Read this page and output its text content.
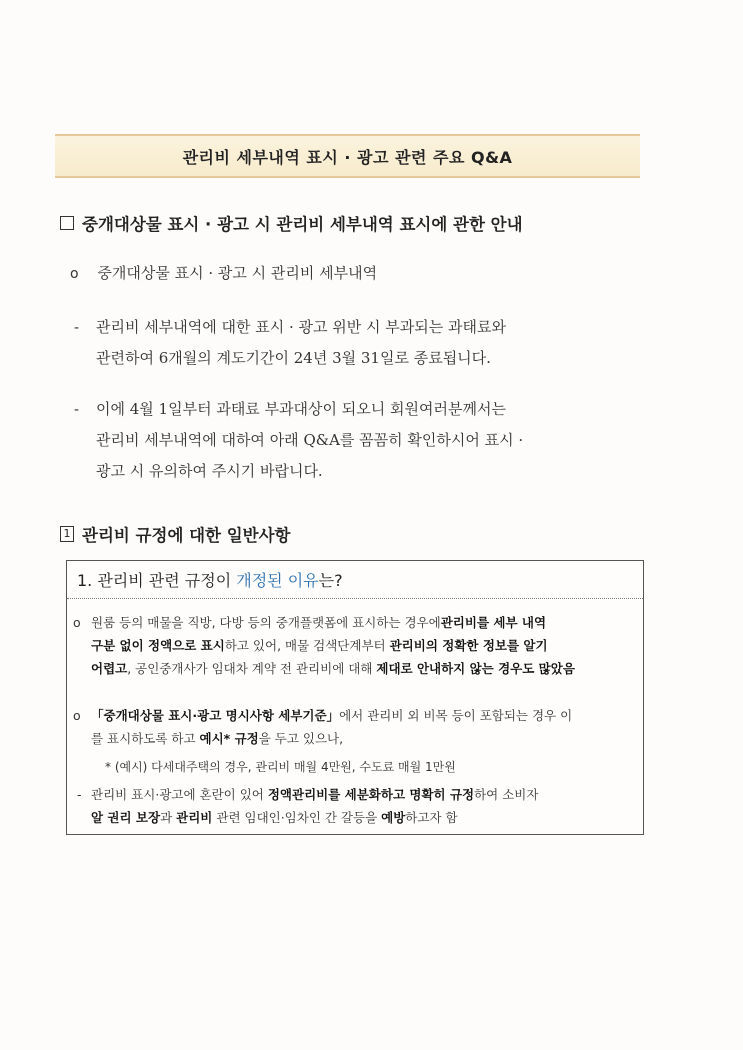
관리비 세부내역 표시 · 광고 관련 주요 Q&A
중개대상물 표시 · 광고 시 관리비 세부내역 표시에 관한 안내
o 중개대상물 표시 · 광고 시 관리비 세부내역
- 관리비 세부내역에 대한 표시 · 광고 위반 시 부과되는 과태료와
관련하여 6개월의 계도기간이 24년 3월 31일로 종료됩니다.
- 이에 4월 1일부터 과태료 부과대상이 되오니 회원여러분께서는
관리비 세부내역에 대하여 아래 Q&A를 꼼꼼히 확인하시어 표시 ·
광고 시 유의하여 주시기 바랍니다.
1 관리비 규정에 대한 일반사항
1. 관리비 관련 규정이 개정된 이유 는?
o 원룸 등의 매물을 직방, 다방 등의 중개플랫폼에 표시하는 경우에관리비를 세부 내역
구분 없이 정액으로 표시하고 있어, 매물 검색단계부터 관리비의 정확한 정보를 알기
어렵고, 공인중개사가 임대차 계약 전 관리비에 대해 제대로 안내하지 않는 경우도 많았음
o 「중개대상물 표시·광고 명시사항 세부기준」에서 관리비 외 비목 등이 포함되는 경우 이
를 표시하도록 하고 예시* 규정을 두고 있으나,
* (예시) 다세대주택의 경우, 관리비 매월 4만원, 수도료 매월 1만원
- 관리비 표시·광고에 혼란이 있어 정액관리비를 세분화하고 명확히 규정하여 소비자
알 권리 보장과 관리비 관련 임대인·임차인 간 갈등을 예방하고자 함
